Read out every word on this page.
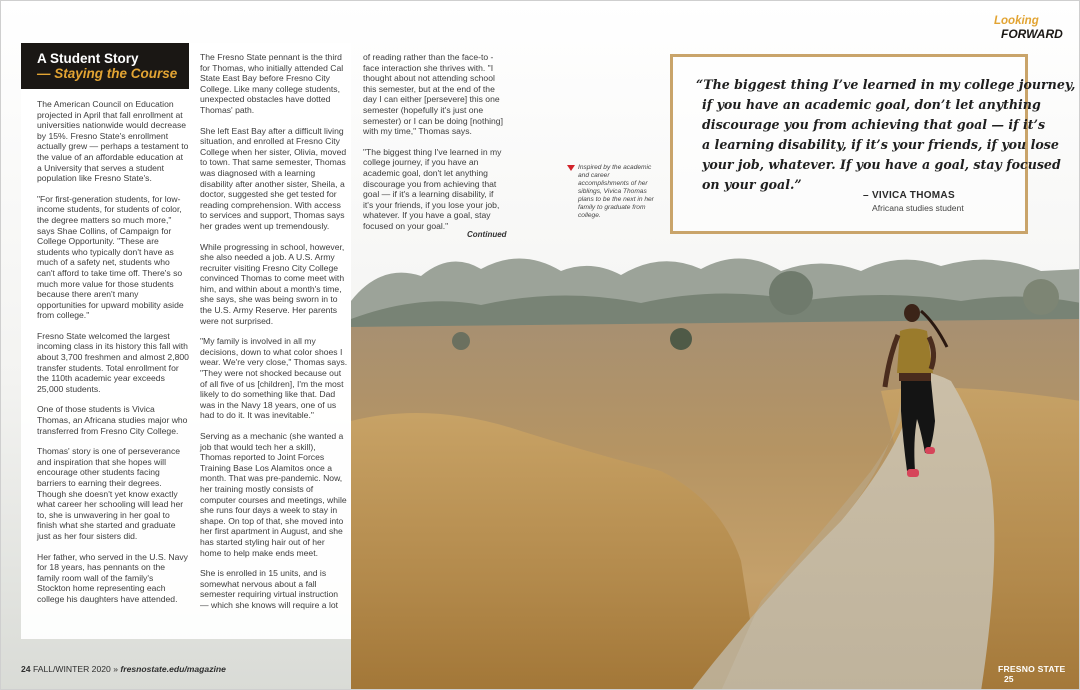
A Student Story
— Staying the Course

The American Council on Education projected in April that fall enrollment at universities nationwide would decrease by 15%. Fresno State's enrollment actually grew — perhaps a testament to the value of an affordable education at a University that serves a student population like Fresno State's.

"For first-generation students, for low-income students, for students of color, the degree matters so much more," says Shae Collins, of Campaign for College Opportunity. "These are students who typically don't have as much of a safety net, students who can't afford to take time off. There's so much more value for those students because there aren't many opportunities for upward mobility aside from college."

Fresno State welcomed the largest incoming class in its history this fall with about 3,700 freshmen and almost 2,800 transfer students. Total enrollment for the 110th academic year exceeds 25,000 students.

One of those students is Vivica Thomas, an Africana studies major who transferred from Fresno City College.

Thomas' story is one of perseverance and inspiration that she hopes will encourage other students facing barriers to earning their degrees. Though she doesn't yet know exactly what career her schooling will lead her to, she is unwavering in her goal to finish what she started and graduate just as her four sisters did.

Her father, who served in the U.S. Navy for 18 years, has pennants on the family room wall of the family's Stockton home representing each college his daughters have attended.

The Fresno State pennant is the third for Thomas, who initially attended Cal State East Bay before Fresno City College. Like many college students, unexpected obstacles have dotted Thomas' path.

She left East Bay after a difficult living situation, and enrolled at Fresno City College when her sister, Olivia, moved to town. That same semester, Thomas was diagnosed with a learning disability after another sister, Sheila, a doctor, suggested she get tested for reading comprehension. With access to services and support, Thomas says her grades went up tremendously.

While progressing in school, however, she also needed a job. A U.S. Army recruiter visiting Fresno City College convinced Thomas to come meet with him, and within about a month's time, she says, she was being sworn in to the U.S. Army Reserve. Her parents were not surprised.

"My family is involved in all my decisions, down to what color shoes I wear. We're very close," Thomas says. "They were not shocked because out of all five of us [children], I'm the most likely to do something like that. Dad was in the Navy 18 years, one of us had to do it. It was inevitable."

Serving as a mechanic (she wanted a job that would tech her a skill), Thomas reported to Joint Forces Training Base Los Alamitos once a month. That was pre-pandemic. Now, her training mostly consists of computer courses and meetings, while she runs four days a week to stay in shape. On top of that, she moved into her first apartment in August, and she has started styling hair out of her home to help make ends meet.

She is enrolled in 15 units, and is somewhat nervous about a fall semester requiring virtual instruction — which she knows will require a lot

of reading rather than the face-to -face interaction she thrives with. "I thought about not attending school this semester, but at the end of the day I can either [persevere] this one semester (hopefully it's just one semester) or I can be doing [nothing] with my time," Thomas says.

"The biggest thing I've learned in my college journey, if you have an academic goal, don't let anything discourage you from achieving that goal — if it's a learning disability, if it's your friends, if you lose your job, whatever. If you have a goal, stay focused on your goal."

Continued
Inspired by the academic and career accomplishments of her siblings, Vivica Thomas plans to be the next in her family to graduate from college.
Looking
FORWARD
“The biggest thing I’ve learned in my college journey,
if you have an academic goal, don’t let anything
discourage you from achieving that goal — if it’s
a learning disability, if it’s your friends, if you lose
your job, whatever. If you have a goal, stay focused
on your goal.”
– VIVICA THOMAS
Africana studies student
24 FALL/WINTER 2020 » fresnostate.edu/magazine	FRESNO STATE 25
